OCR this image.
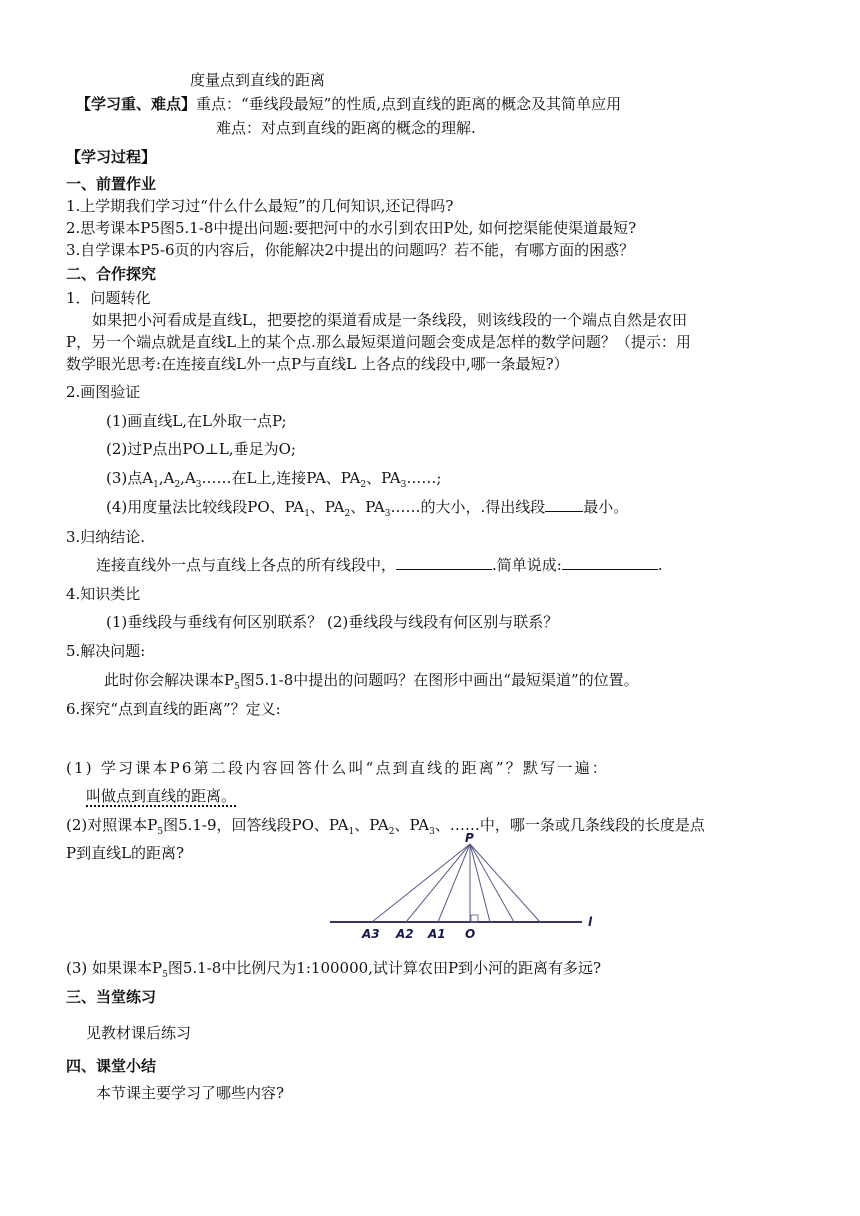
度量点到直线的距离
【学习重、难点】重点：“垂线段最短”的性质,点到直线的距离的概念及其简单应用
难点：对点到直线的距离的概念的理解.
【学习过程】
一、前置作业
1.上学期我们学习过“什么什么最短”的几何知识,还记得吗?
2.思考课本P5图5.1-8中提出问题:要把河中的水引到农田P处, 如何挖渠能使渠道最短?
3.自学课本P5-6页的内容后，你能解决2中提出的问题吗？若不能，有哪方面的困惑？
二、合作探究
1．问题转化
如果把小河看成是直线L，把要挖的渠道看成是一条线段，则该线段的一个端点自然是农田
P，另一个端点就是直线L上的某个点.那么最短渠道问题会变成是怎样的数学问题？（提示：用
数学眼光思考:在连接直线L外一点P与直线L 上各点的线段中,哪一条最短?）
2.画图验证
(1)画直线L,在L外取一点P;
(2)过P点出PO⊥L,垂足为O;
(3)点$A_1,A_2,A_3\dots\dots$在L上,连接PA、$PA_2$、$PA_3\dots\dots$;
(4)用度量法比较线段PO、$PA_1$、$PA_2$、$PA_3\dots\dots$的大小，.得出线段	最小。
3.归纳结论.
连接直线外一点与直线上各点的所有线段中，	.简单说成:	.
4.知识类比
(1)垂线段与垂线有何区别联系？ (2)垂线段与线段有何区别与联系？
5.解决问题:
此时你会解决课本$P_5$图5.1-8中提出的问题吗？在图形中画出“最短渠道”的位置。
6.探究“点到直线的距离”？定义:
(1) 学习课本P6第二段内容回答什么叫“点到直线的距离”？默写一遍：
叫做点到直线的距离。
(2)对照课本$P_5$图5.1-9，回答线段PO、$PA_1$、$PA_2$、$PA_3$、……中，哪一条或几条线段的长度是点
P到直线L的距离?
P
A3 A2 A1 O
l
(3) 如果课本$P_5$图5.1-8中比例尺为1:100000,试计算农田P到小河的距离有多远?
三、当堂练习
见教材课后练习
四、课堂小结
本节课主要学习了哪些内容?
